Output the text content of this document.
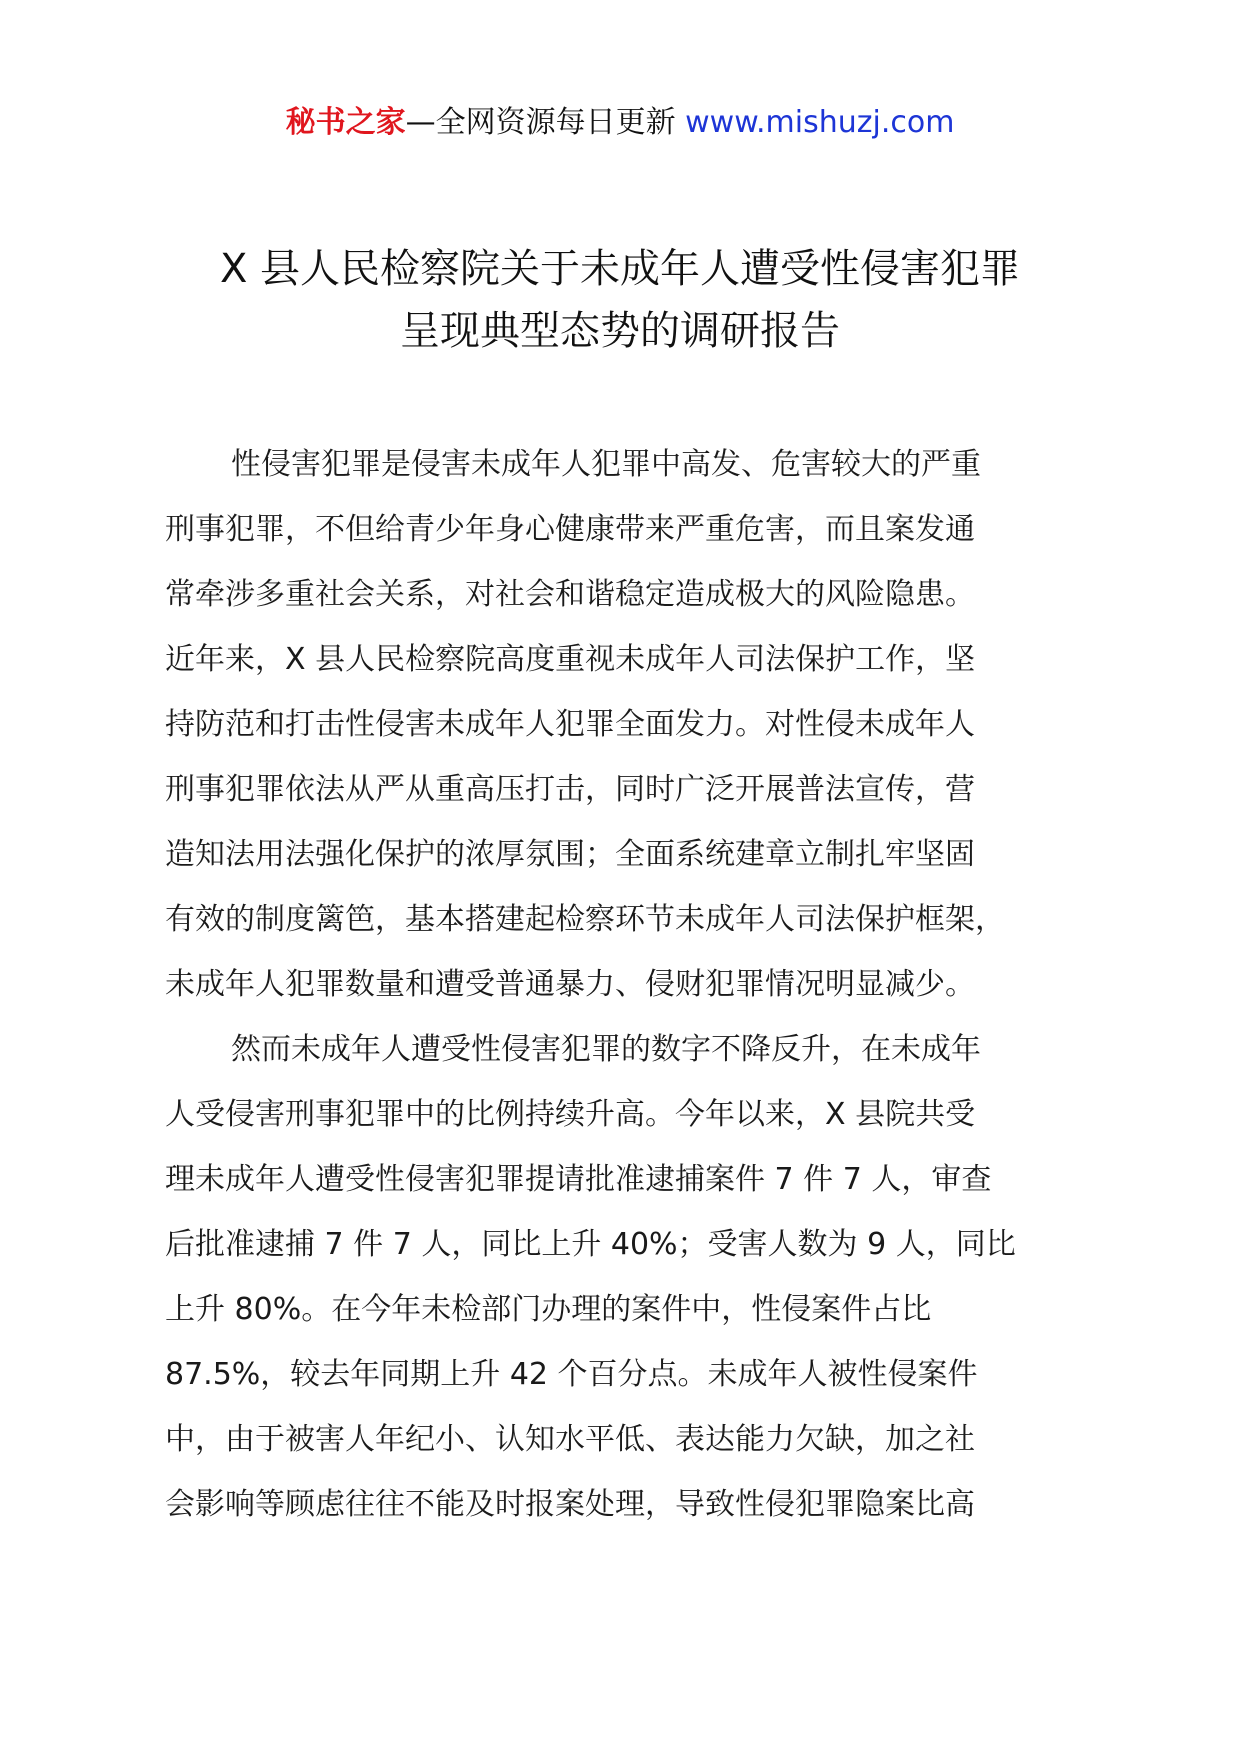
秘书之家—全网资源每日更新 www.mishuzj.com
X 县人民检察院关于未成年人遭受性侵害犯罪
呈现典型态势的调研报告
性侵害犯罪是侵害未成年人犯罪中高发、危害较大的严重
刑事犯罪，不但给青少年身心健康带来严重危害，而且案发通
常牵涉多重社会关系，对社会和谐稳定造成极大的风险隐患。
近年来，X 县人民检察院高度重视未成年人司法保护工作，坚
持防范和打击性侵害未成年人犯罪全面发力。对性侵未成年人
刑事犯罪依法从严从重高压打击，同时广泛开展普法宣传，营
造知法用法强化保护的浓厚氛围；全面系统建章立制扎牢坚固
有效的制度篱笆，基本搭建起检察环节未成年人司法保护框架，
未成年人犯罪数量和遭受普通暴力、侵财犯罪情况明显减少。
然而未成年人遭受性侵害犯罪的数字不降反升，在未成年
人受侵害刑事犯罪中的比例持续升高。今年以来，X 县院共受
理未成年人遭受性侵害犯罪提请批准逮捕案件 7 件 7 人，审查
后批准逮捕 7 件 7 人，同比上升 40%；受害人数为 9 人，同比
上升 80%。在今年未检部门办理的案件中，性侵案件占比
87.5%，较去年同期上升 42 个百分点。未成年人被性侵案件
中，由于被害人年纪小、认知水平低、表达能力欠缺，加之社
会影响等顾虑往往不能及时报案处理，导致性侵犯罪隐案比高
